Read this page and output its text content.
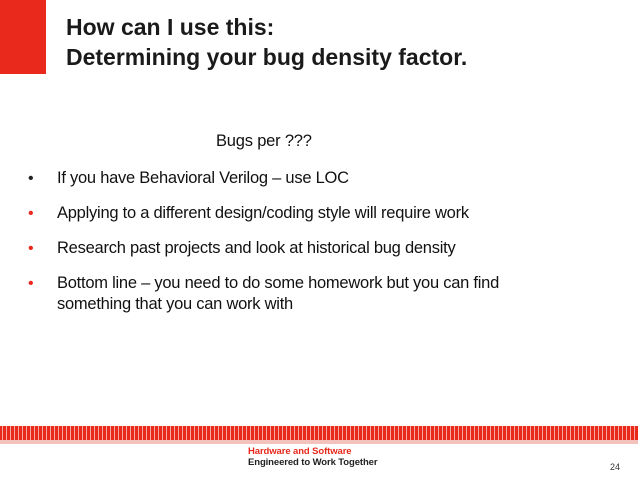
How can I use this:
Determining your bug density factor.
Bugs per ???
• If you have Behavioral Verilog – use LOC
• Applying to a different design/coding style will require work
• Research past projects and look at historical bug density
• Bottom line – you need to do some homework but you can find something that you can work with
Hardware and Software
Engineered to Work Together	24
